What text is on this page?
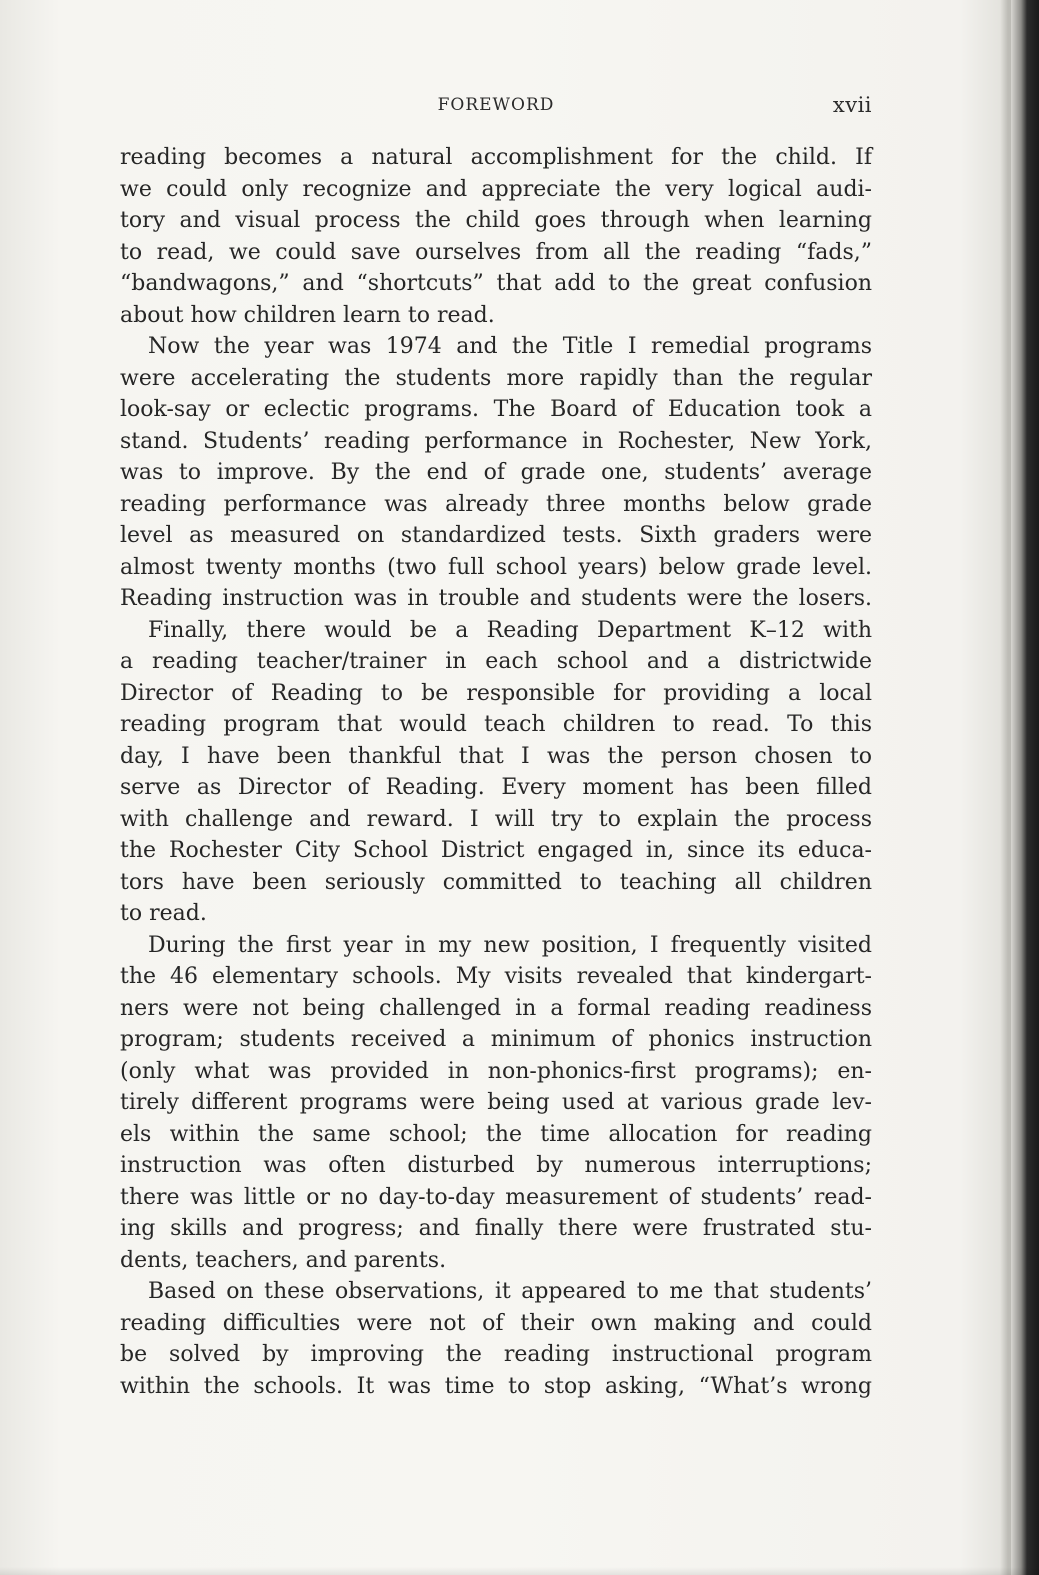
FOREWORD	xvii
reading becomes a natural accomplishment for the child. If
we could only recognize and appreciate the very logical audi-
tory and visual process the child goes through when learning
to read, we could save ourselves from all the reading “fads,”
“bandwagons,” and “shortcuts” that add to the great confusion
about how children learn to read.
Now the year was 1974 and the Title I remedial programs
were accelerating the students more rapidly than the regular
look-say or eclectic programs. The Board of Education took a
stand. Students’ reading performance in Rochester, New York,
was to improve. By the end of grade one, students’ average
reading performance was already three months below grade
level as measured on standardized tests. Sixth graders were
almost twenty months (two full school years) below grade level.
Reading instruction was in trouble and students were the losers.
Finally, there would be a Reading Department K–12 with
a reading teacher/trainer in each school and a districtwide
Director of Reading to be responsible for providing a local
reading program that would teach children to read. To this
day, I have been thankful that I was the person chosen to
serve as Director of Reading. Every moment has been filled
with challenge and reward. I will try to explain the process
the Rochester City School District engaged in, since its educa-
tors have been seriously committed to teaching all children
to read.
During the first year in my new position, I frequently visited
the 46 elementary schools. My visits revealed that kindergart-
ners were not being challenged in a formal reading readiness
program; students received a minimum of phonics instruction
(only what was provided in non-phonics-first programs); en-
tirely different programs were being used at various grade lev-
els within the same school; the time allocation for reading
instruction was often disturbed by numerous interruptions;
there was little or no day-to-day measurement of students’ read-
ing skills and progress; and finally there were frustrated stu-
dents, teachers, and parents.
Based on these observations, it appeared to me that students’
reading difficulties were not of their own making and could
be solved by improving the reading instructional program
within the schools. It was time to stop asking, “What’s wrong
